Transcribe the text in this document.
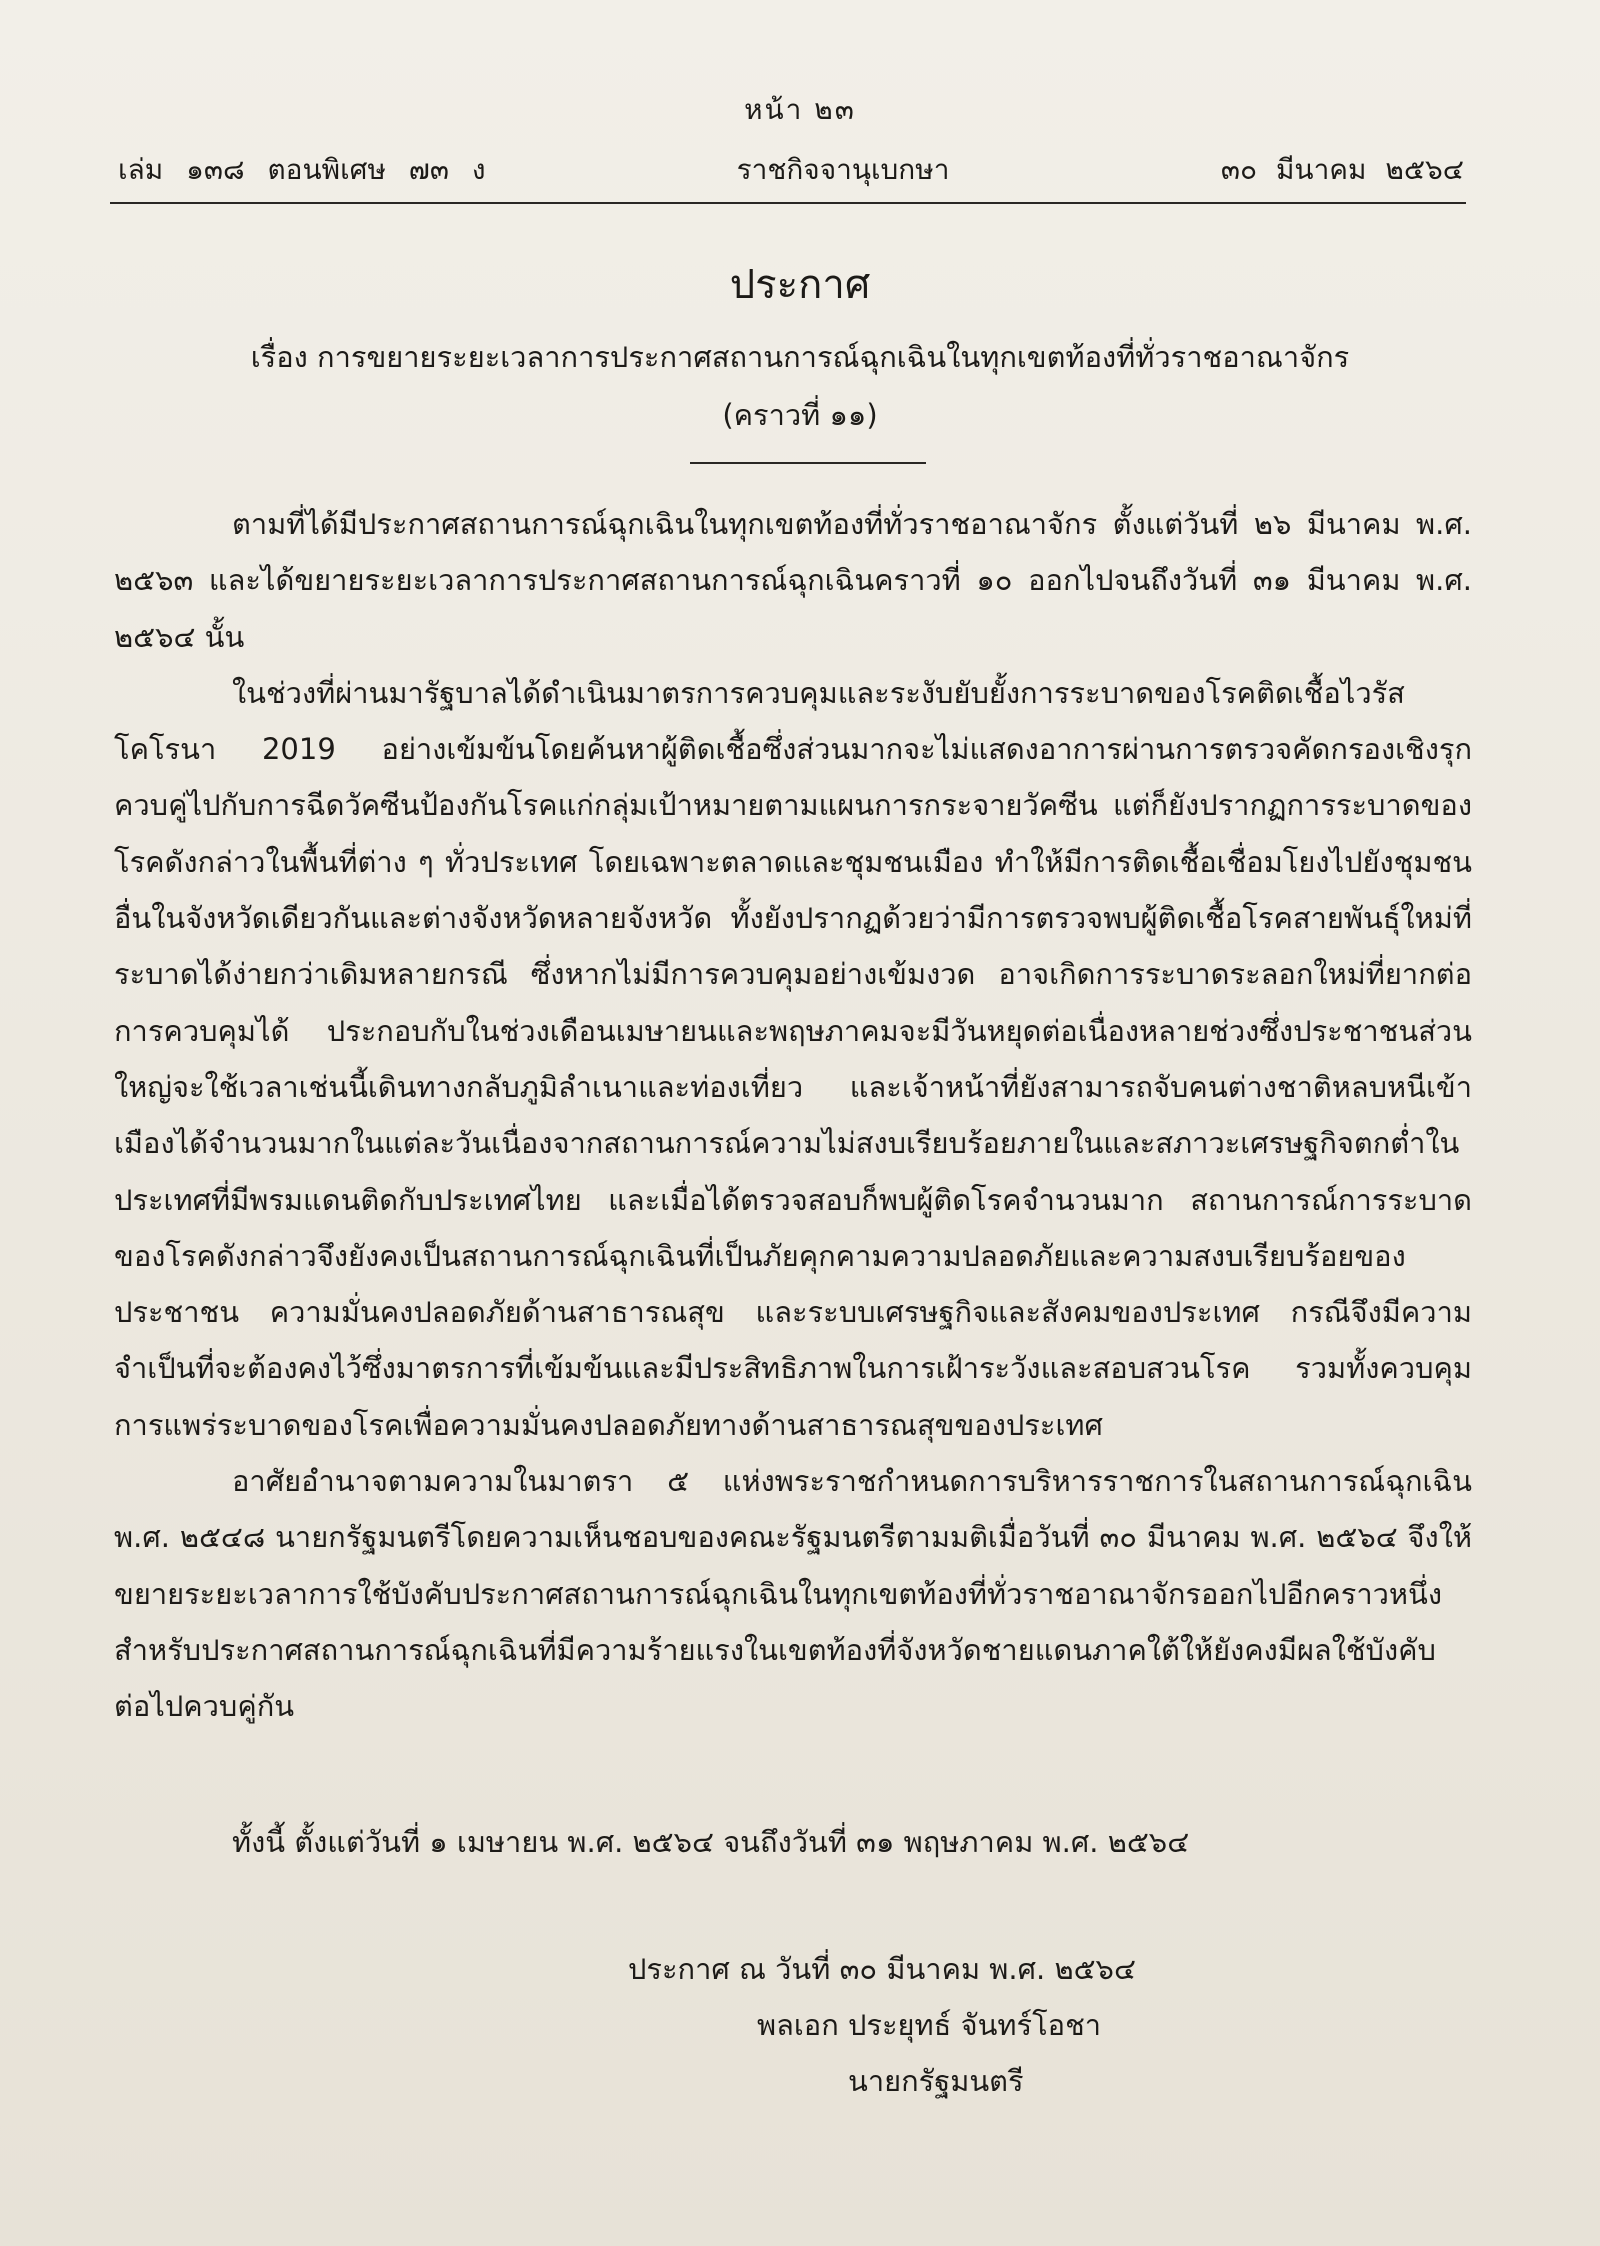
หน้า ๒๓
เล่ม ๑๓๘ ตอนพิเศษ ๗๓ ง	ราชกิจจานุเบกษา	๓๐ มีนาคม ๒๕๖๔
ประกาศ
เรื่อง การขยายระยะเวลาการประกาศสถานการณ์ฉุกเฉินในทุกเขตท้องที่ทั่วราชอาณาจักร
(คราวที่ ๑๑)

ตามที่ได้มีประกาศสถานการณ์ฉุกเฉินในทุกเขตท้องที่ทั่วราชอาณาจักร ตั้งแต่วันที่ ๒๖ มีนาคม พ.ศ. ๒๕๖๓ และได้ขยายระยะเวลาการประกาศสถานการณ์ฉุกเฉินคราวที่ ๑๐ ออกไปจนถึงวันที่ ๓๑ มีนาคม พ.ศ. ๒๕๖๔ นั้น

ในช่วงที่ผ่านมารัฐบาลได้ดำเนินมาตรการควบคุมและระงับยับยั้งการระบาดของโรคติดเชื้อไวรัสโคโรนา 2019 อย่างเข้มข้นโดยค้นหาผู้ติดเชื้อซึ่งส่วนมากจะไม่แสดงอาการผ่านการตรวจคัดกรองเชิงรุกควบคู่ไปกับการฉีดวัคซีนป้องกันโรคแก่กลุ่มเป้าหมายตามแผนการกระจายวัคซีน แต่ก็ยังปรากฏการระบาดของโรคดังกล่าวในพื้นที่ต่าง ๆ ทั่วประเทศ โดยเฉพาะตลาดและชุมชนเมือง ทำให้มีการติดเชื้อเชื่อมโยงไปยังชุมชนอื่นในจังหวัดเดียวกันและต่างจังหวัดหลายจังหวัด ทั้งยังปรากฏด้วยว่ามีการตรวจพบผู้ติดเชื้อโรคสายพันธุ์ใหม่ที่ระบาดได้ง่ายกว่าเดิมหลายกรณี ซึ่งหากไม่มีการควบคุมอย่างเข้มงวด อาจเกิดการระบาดระลอกใหม่ที่ยากต่อการควบคุมได้ ประกอบกับในช่วงเดือนเมษายนและพฤษภาคมจะมีวันหยุดต่อเนื่องหลายช่วงซึ่งประชาชนส่วนใหญ่จะใช้เวลาเช่นนี้เดินทางกลับภูมิลำเนาและท่องเที่ยว และเจ้าหน้าที่ยังสามารถจับคนต่างชาติหลบหนีเข้าเมืองได้จำนวนมากในแต่ละวันเนื่องจากสถานการณ์ความไม่สงบเรียบร้อยภายในและสภาวะเศรษฐกิจตกต่ำในประเทศที่มีพรมแดนติดกับประเทศไทย และเมื่อได้ตรวจสอบก็พบผู้ติดโรคจำนวนมาก สถานการณ์การระบาดของโรคดังกล่าวจึงยังคงเป็นสถานการณ์ฉุกเฉินที่เป็นภัยคุกคามความปลอดภัยและความสงบเรียบร้อยของประชาชน ความมั่นคงปลอดภัยด้านสาธารณสุข และระบบเศรษฐกิจและสังคมของประเทศ กรณีจึงมีความจำเป็นที่จะต้องคงไว้ซึ่งมาตรการที่เข้มข้นและมีประสิทธิภาพในการเฝ้าระวังและสอบสวนโรค รวมทั้งควบคุมการแพร่ระบาดของโรคเพื่อความมั่นคงปลอดภัยทางด้านสาธารณสุขของประเทศ

อาศัยอำนาจตามความในมาตรา ๕ แห่งพระราชกำหนดการบริหารราชการในสถานการณ์ฉุกเฉิน พ.ศ. ๒๕๔๘ นายกรัฐมนตรีโดยความเห็นชอบของคณะรัฐมนตรีตามมติเมื่อวันที่ ๓๐ มีนาคม พ.ศ. ๒๕๖๔ จึงให้ขยายระยะเวลาการใช้บังคับประกาศสถานการณ์ฉุกเฉินในทุกเขตท้องที่ทั่วราชอาณาจักรออกไปอีกคราวหนึ่ง สำหรับประกาศสถานการณ์ฉุกเฉินที่มีความร้ายแรงในเขตท้องที่จังหวัดชายแดนภาคใต้ให้ยังคงมีผลใช้บังคับต่อไปควบคู่กัน

ทั้งนี้ ตั้งแต่วันที่ ๑ เมษายน พ.ศ. ๒๕๖๔ จนถึงวันที่ ๓๑ พฤษภาคม พ.ศ. ๒๕๖๔
ประกาศ ณ วันที่ ๓๐ มีนาคม พ.ศ. ๒๕๖๔
พลเอก ประยุทธ์ จันทร์โอชา
นายกรัฐมนตรี
